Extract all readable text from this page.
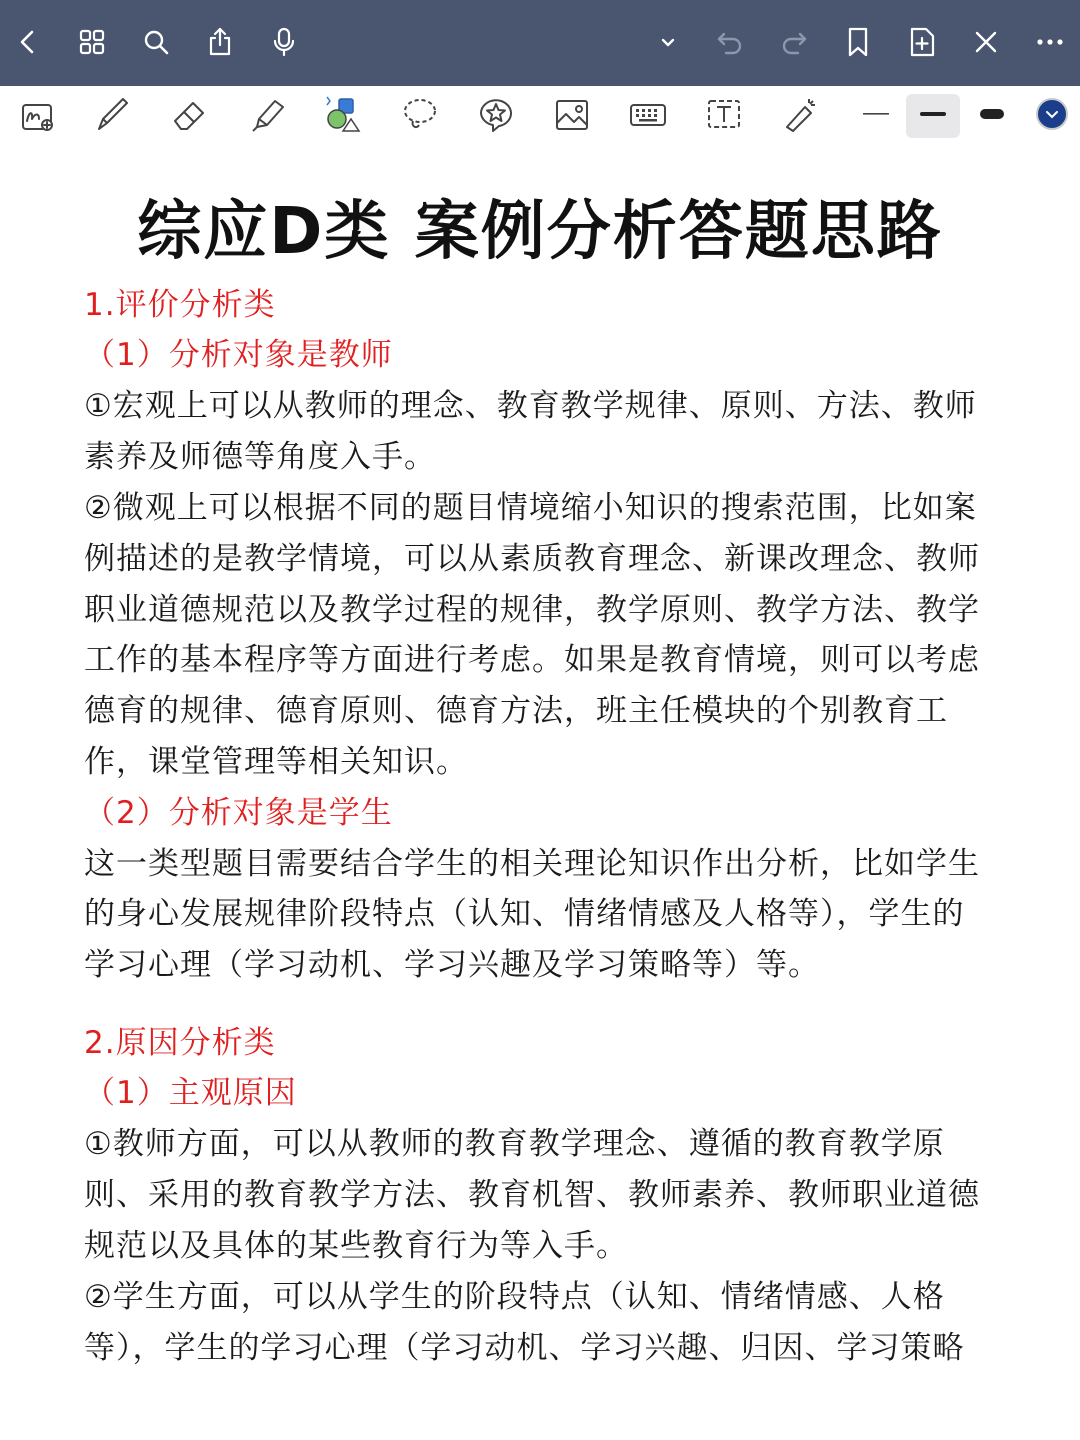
综应D类 案例分析答题思路
1.评价分析类
（1）分析对象是教师
①宏观上可以从教师的理念、教育教学规律、原则、方法、教师
素养及师德等角度入手。
②微观上可以根据不同的题目情境缩小知识的搜索范围，比如案
例描述的是教学情境，可以从素质教育理念、新课改理念、教师
职业道德规范以及教学过程的规律，教学原则、教学方法、教学
工作的基本程序等方面进行考虑。如果是教育情境，则可以考虑
德育的规律、德育原则、德育方法，班主任模块的个别教育工
作，课堂管理等相关知识。
（2）分析对象是学生
这一类型题目需要结合学生的相关理论知识作出分析，比如学生
的身心发展规律阶段特点（认知、情绪情感及人格等），学生的
学习心理（学习动机、学习兴趣及学习策略等）等。
2.原因分析类
（1）主观原因
①教师方面，可以从教师的教育教学理念、遵循的教育教学原
则、采用的教育教学方法、教育机智、教师素养、教师职业道德
规范以及具体的某些教育行为等入手。
②学生方面，可以从学生的阶段特点（认知、情绪情感、人格
等），学生的学习心理（学习动机、学习兴趣、归因、学习策略
